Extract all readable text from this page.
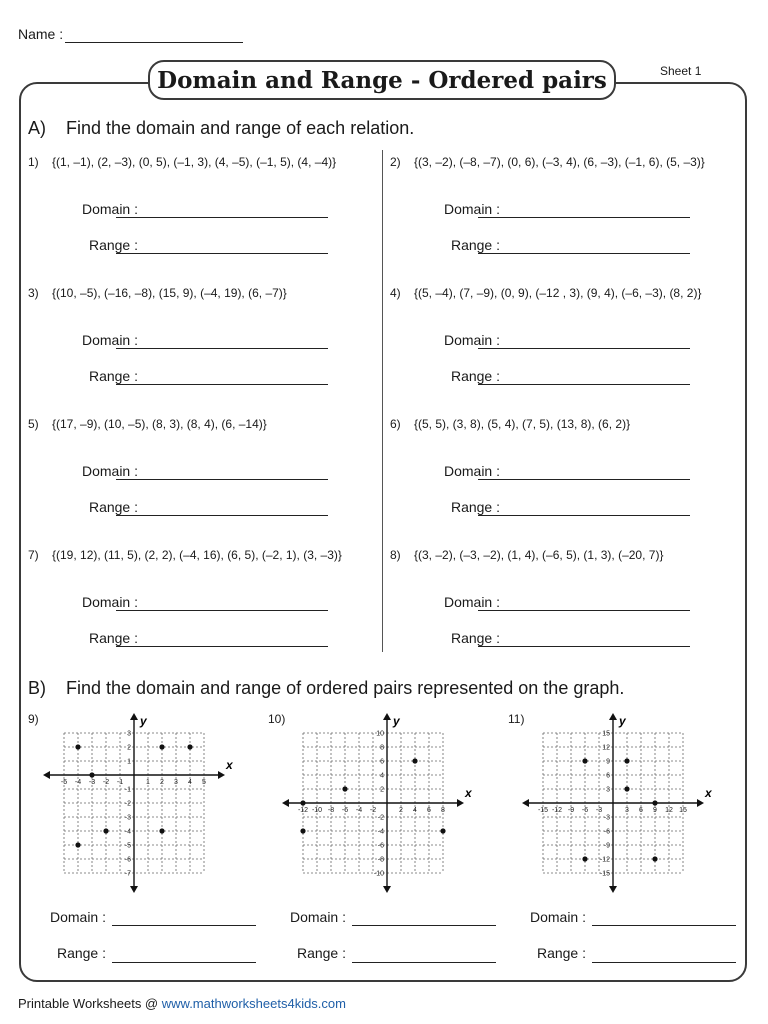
Name :
Domain and Range - Ordered pairs	Sheet 1
A) Find the domain and range of each relation.
1) {(1, –1), (2, –3), (0, 5), (–1, 3), (4, –5), (–1, 5), (4, –4)}
Domain :
Range :
2) {(3, –2), (–8, –7), (0, 6), (–3, 4), (6, –3), (–1, 6), (5, –3)}
Domain :
Range :
3) {(10, –5), (–16, –8), (15, 9), (–4, 19), (6, –7)}
Domain :
Range :
4) {(5, –4), (7, –9), (0, 9), (–12 , 3), (9, 4), (–6, –3), (8, 2)}
Domain :
Range :
5) {(17, –9), (10, –5), (8, 3), (8, 4), (6, –14)}
Domain :
Range :
6) {(5, 5), (3, 8), (5, 4), (7, 5), (13, 8), (6, 2)}
Domain :
Range :
7) {(19, 12), (11, 5), (2, 2), (–4, 16), (6, 5), (–2, 1), (3, –3)}
Domain :
Range :
8) {(3, –2), (–3, –2), (1, 4), (–6, 5), (1, 3), (–20, 7)}
Domain :
Range :
B) Find the domain and range of ordered pairs represented on the graph.
9)
x
y
-5 -4 -3 -2 -1	1 2 3 4 5
3
2
1
-1
-2
-3
-4
-5
-6
-7
Domain :
Range :
10)
x
y
-12 -10 -8 -6 -4 -2	2 4 6 8
10
8
6
4
2
-2
-4
-6
-8
-10
Domain :
Range :
11)
x
y
-15 -12 -9 -6 -3	3 6 9 12 15
15
12
9
6
3
-3
-6
-9
-12
-15
Domain :
Range :
Printable Worksheets @ www.mathworksheets4kids.com
